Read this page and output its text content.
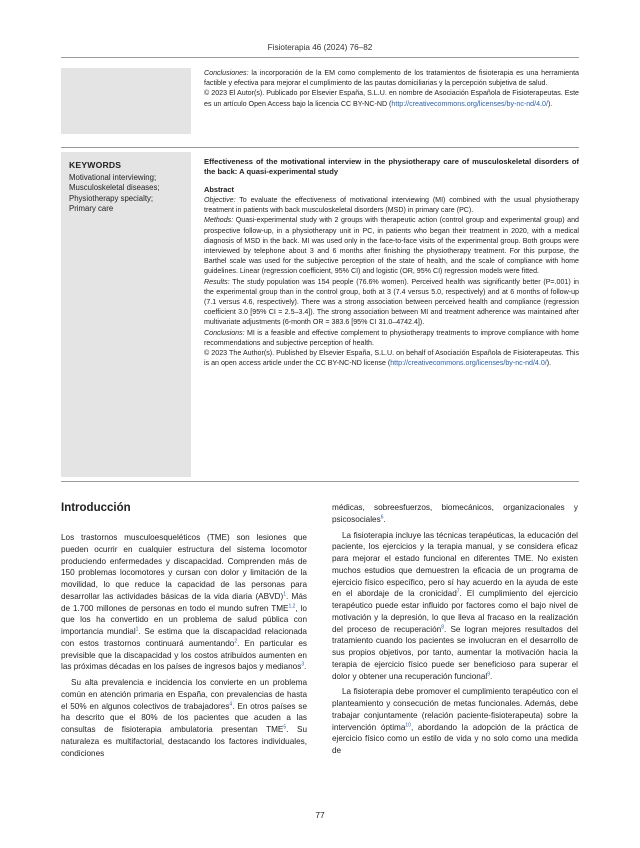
Fisioterapia 46 (2024) 76–82

Conclusiones: la incorporación de la EM como complemento de los tratamientos de fisioterapia es una herramienta factible y efectiva para mejorar el cumplimiento de las pautas domiciliarias y la percepción subjetiva de salud.

© 2023 El Autor(s). Publicado por Elsevier España, S.L.U. en nombre de Asociación Española de Fisioterapeutas. Este es un artículo Open Access bajo la licencia CC BY-NC-ND (http://creativecommons.org/licenses/by-nc-nd/4.0/).

KEYWORDS
Motivational interviewing;
Musculoskeletal diseases;
Physiotherapy specialty;
Primary care
Effectiveness of the motivational interview in the physiotherapy care of musculoskeletal disorders of the back: A quasi-experimental study
Abstract

Objective: To evaluate the effectiveness of motivational interviewing (MI) combined with the usual physiotherapy treatment in patients with back musculoskeletal disorders (MSD) in primary care (PC).

Methods: Quasi-experimental study with 2 groups with therapeutic action (control group and experimental group) and prospective follow-up, in a physiotherapy unit in PC, in patients who began their treatment in 2020, with a medical diagnosis of MSD in the back. MI was used only in the face-to-face visits of the experimental group. Both groups were interviewed by telephone about 3 and 6 months after finishing the physiotherapy treatment. For this purpose, the Barthel scale was used for the subjective perception of the state of health, and the scale of compliance with home guidelines. Linear (regression coefficient, 95% CI) and logistic (OR, 95% CI) regression models were fitted.

Results: The study population was 154 people (76.6% women). Perceived health was significantly better (P=.001) in the experimental group than in the control group, both at 3 (7.4 versus 5.0, respectively) and at 6 months of follow-up (7.1 versus 4.6, respectively). There was a strong association between perceived health and compliance (regression coefficient 3.0 [95% CI = 2.5–3.4]). The strong association between MI and treatment adherence was maintained after multivariate adjustments (6-month OR = 383.6 [95% CI 31.0–4742.4]).

Conclusions: MI is a feasible and effective complement to physiotherapy treatments to improve compliance with home recommendations and subjective perception of health.

© 2023 The Author(s). Published by Elsevier España, S.L.U. on behalf of Asociación Española de Fisioterapeutas. This is an open access article under the CC BY-NC-ND license (http://creativecommons.org/licenses/by-nc-nd/4.0/).

Introducción

Los trastornos musculoesqueléticos (TME) son lesiones que pueden ocurrir en cualquier estructura del sistema locomotor produciendo enfermedades y discapacidad. Comprenden más de 150 problemas locomotores y cursan con dolor y limitación de la movilidad, lo que reduce la capacidad de las personas para desarrollar las actividades básicas de la vida diaria (ABVD)$^1$. Más de 1.700 millones de personas en todo el mundo sufren TME$^{1,2}$, lo que los ha convertido en un problema de salud pública con importancia mundial$^1$. Se estima que la discapacidad relacionada con estos trastornos continuará aumentando$^2$. En particular es previsible que la discapacidad y los costos atribuidos aumenten en las próximas décadas en los países de ingresos bajos y medianos$^3$.

Su alta prevalencia e incidencia los convierte en un problema común en atención primaria en España, con prevalencias de hasta el 50% en algunos colectivos de trabajadores$^4$. En otros países se ha descrito que el 80% de los pacientes que acuden a las consultas de fisioterapia ambulatoria presentan TME$^5$. Su naturaleza es multifactorial, destacando los factores individuales, condiciones

médicas, sobreesfuerzos, biomecánicos, organizacionales y psicosociales$^6$.

La fisioterapia incluye las técnicas terapéuticas, la educación del paciente, los ejercicios y la terapia manual, y se considera eficaz para mejorar el estado funcional en diferentes TME. No existen muchos estudios que demuestren la eficacia de un programa de ejercicio físico específico, pero sí hay acuerdo en la ayuda de este en el abordaje de la cronicidad$^7$. El cumplimiento del ejercicio terapéutico puede estar influido por factores como el bajo nivel de motivación y la depresión, lo que lleva al fracaso en la realización del proceso de recuperación$^8$. Se logran mejores resultados del tratamiento cuando los pacientes se involucran en el desarrollo de sus propios objetivos, por tanto, aumentar la motivación hacia la terapia de ejercicio físico puede ser beneficioso para superar el dolor y obtener una recuperación funcional$^9$.

La fisioterapia debe promover el cumplimiento terapéutico con el planteamiento y consecución de metas funcionales. Además, debe trabajar conjuntamente (relación paciente-fisioterapeuta) sobre la intervención óptima$^{10}$, abordando la adopción de la práctica de ejercicio físico como un estilo de vida y no solo como una medida de

77
